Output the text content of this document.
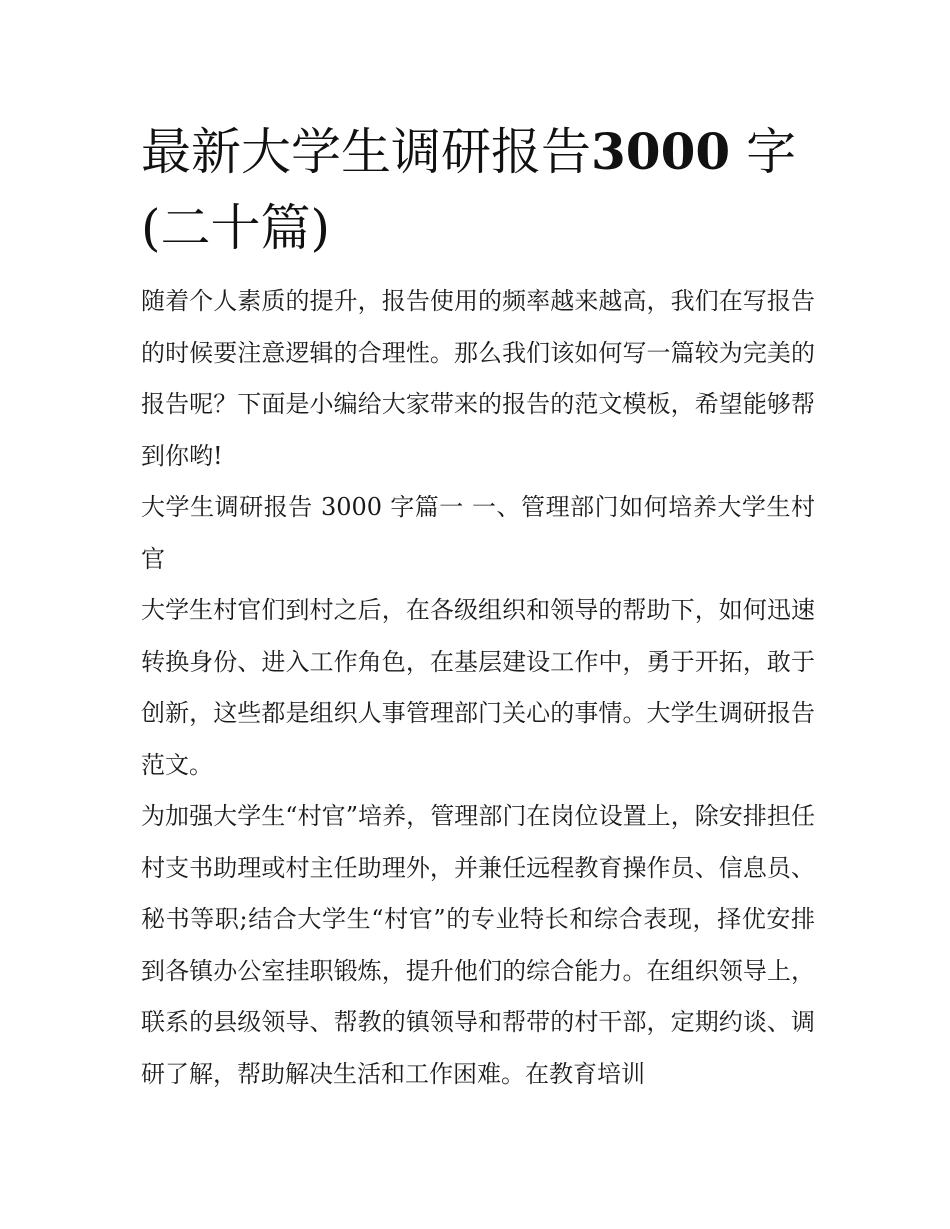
最新大学生调研报告3000 字
(二十篇)

随着个人素质的提升，报告使用的频率越来越高，我们在写报告的时候要注意逻辑的合理性。那么我们该如何写一篇较为完美的报告呢？下面是小编给大家带来的报告的范文模板，希望能够帮到你哟!

大学生调研报告 3000 字篇一 一、管理部门如何培养大学生村官

大学生村官们到村之后，在各级组织和领导的帮助下，如何迅速转换身份、进入工作角色，在基层建设工作中，勇于开拓，敢于创新，这些都是组织人事管理部门关心的事情。大学生调研报告范文。

为加强大学生“村官”培养，管理部门在岗位设置上，除安排担任村支书助理或村主任助理外，并兼任远程教育操作员、信息员、秘书等职;结合大学生“村官”的专业特长和综合表现，择优安排到各镇办公室挂职锻炼，提升他们的综合能力。在组织领导上，联系的县级领导、帮教的镇领导和帮带的村干部，定期约谈、调研了解，帮助解决生活和工作困难。在教育培训
